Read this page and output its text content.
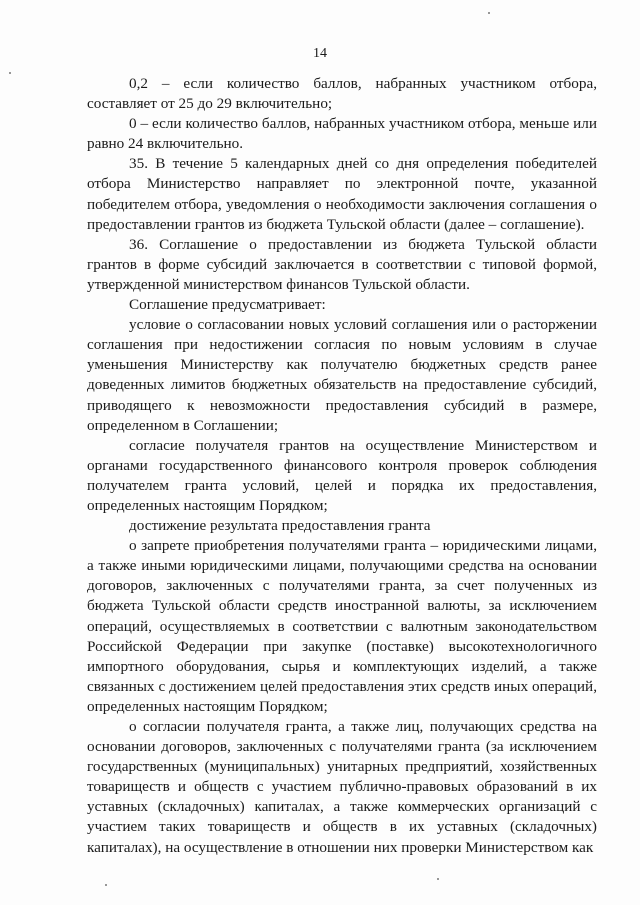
14

0,2 – если количество баллов, набранных участником отбора, составляет от 25 до 29 включительно;

0 – если количество баллов, набранных участником отбора, меньше или равно 24 включительно.

35. В течение 5 календарных дней со дня определения победителей отбора Министерство направляет по электронной почте, указанной победителем отбора, уведомления о необходимости заключения соглашения о предоставлении грантов из бюджета Тульской области (далее – соглашение).

36. Соглашение о предоставлении из бюджета Тульской области грантов в форме субсидий заключается в соответствии с типовой формой, утвержденной министерством финансов Тульской области.

Соглашение предусматривает:

условие о согласовании новых условий соглашения или о расторжении соглашения при недостижении согласия по новым условиям в случае уменьшения Министерству как получателю бюджетных средств ранее доведенных лимитов бюджетных обязательств на предоставление субсидий, приводящего к невозможности предоставления субсидий в размере, определенном в Соглашении;

согласие получателя грантов на осуществление Министерством и органами государственного финансового контроля проверок соблюдения получателем гранта условий, целей и порядка их предоставления, определенных настоящим Порядком;

достижение результата предоставления гранта

о запрете приобретения получателями гранта – юридическими лицами, а также иными юридическими лицами, получающими средства на основании договоров, заключенных с получателями гранта, за счет полученных из бюджета Тульской области средств иностранной валюты, за исключением операций, осуществляемых в соответствии с валютным законодательством Российской Федерации при закупке (поставке) высокотехнологичного импортного оборудования, сырья и комплектующих изделий, а также связанных с достижением целей предоставления этих средств иных операций, определенных настоящим Порядком;

о согласии получателя гранта, а также лиц, получающих средства на основании договоров, заключенных с получателями гранта (за исключением государственных (муниципальных) унитарных предприятий, хозяйственных товариществ и обществ с участием публично-правовых образований в их уставных (складочных) капиталах, а также коммерческих организаций с участием таких товариществ и обществ в их уставных (складочных) капиталах), на осуществление в отношении них проверки Министерством как
